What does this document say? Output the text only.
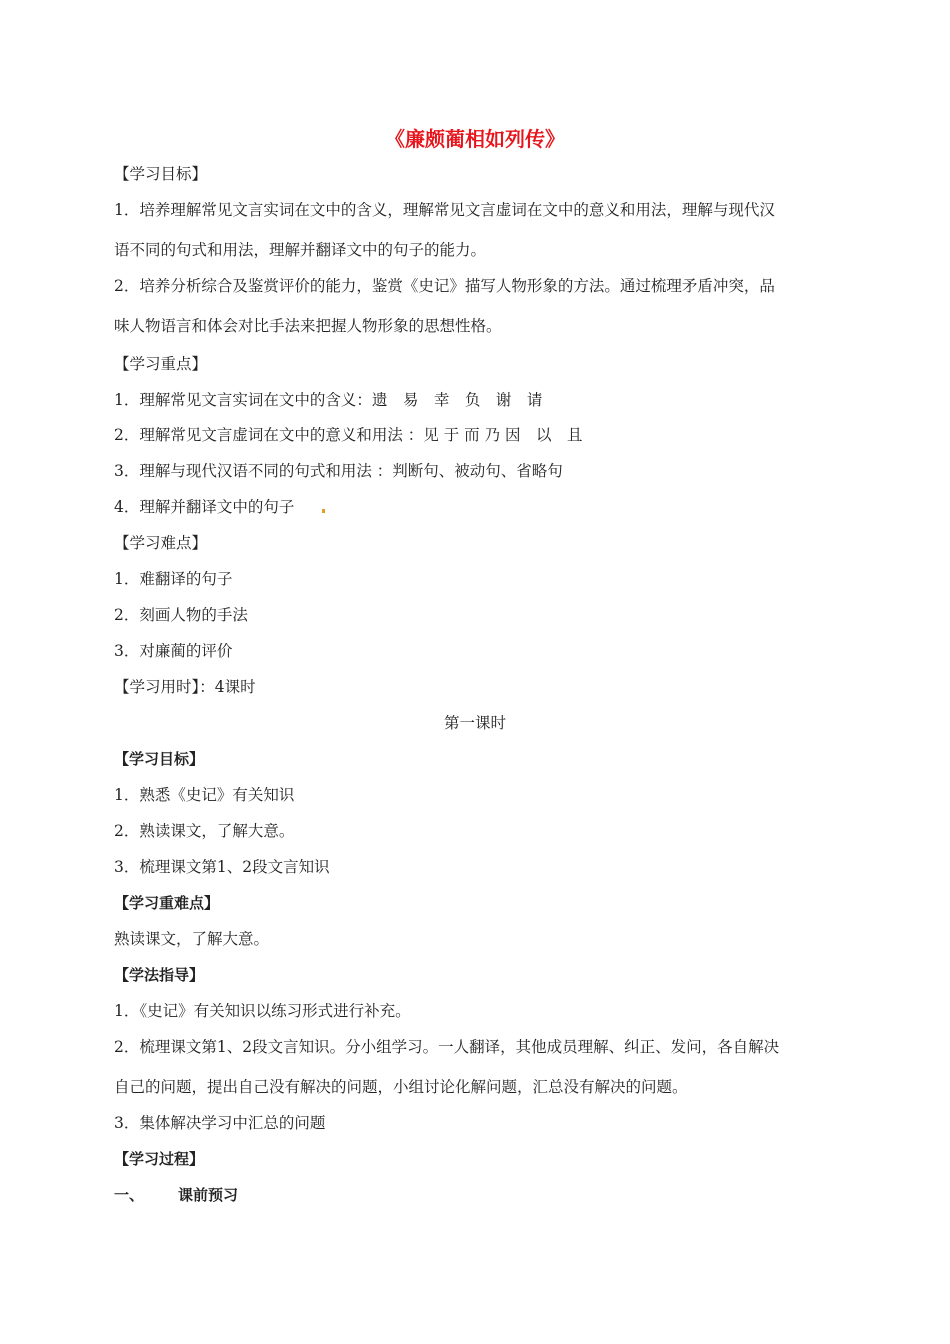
《廉颇蔺相如列传》
【学习目标】
1．培养理解常见文言实词在文中的含义，理解常见文言虚词在文中的意义和用法，理解与现代汉
语不同的句式和用法，理解并翻译文中的句子的能力。
2．培养分析综合及鉴赏评价的能力，鉴赏《史记》描写人物形象的方法。通过梳理矛盾冲突，品
味人物语言和体会对比手法来把握人物形象的思想性格。
【学习重点】
1．理解常见文言实词在文中的含义：遗　易　幸　负　谢　请
2．理解常见文言虚词在文中的意义和用法 ：见 于 而 乃 因　以　且
3．理解与现代汉语不同的句式和用法 ：判断句、被动句、省略句
4．理解并翻译文中的句子
【学习难点】
1．难翻译的句子
2．刻画人物的手法
3．对廉蔺的评价
【学习用时】：4课时
第一课时
【学习目标】
1．熟悉《史记》有关知识
2．熟读课文，了解大意。
3．梳理课文第1、2段文言知识
【学习重难点】
熟读课文，了解大意。
【学法指导】
1．《史记》有关知识以练习形式进行补充。
2．梳理课文第1、2段文言知识。分小组学习。一人翻译，其他成员理解、纠正、发问，各自解决
自己的问题，提出自己没有解决的问题，小组讨论化解问题，汇总没有解决的问题。
3．集体解决学习中汇总的问题
【学习过程】
一、 课前预习
